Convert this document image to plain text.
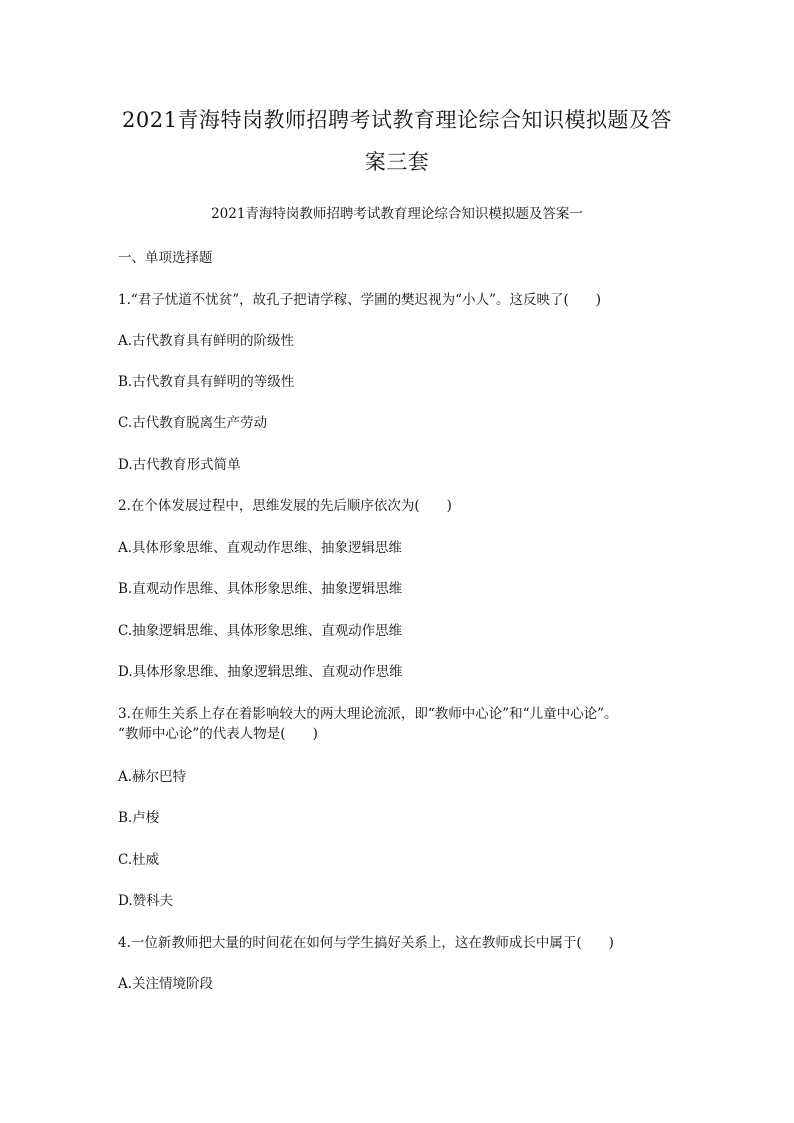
2021青海特岗教师招聘考试教育理论综合知识模拟题及答
案三套
2021青海特岗教师招聘考试教育理论综合知识模拟题及答案一
一、单项选择题
1.“君子忧道不忧贫”，故孔子把请学稼、学圃的樊迟视为“小人”。这反映了(　　)
A.古代教育具有鲜明的阶级性
B.古代教育具有鲜明的等级性
C.古代教育脱离生产劳动
D.古代教育形式简单
2.在个体发展过程中，思维发展的先后顺序依次为(　　)
A.具体形象思维、直观动作思维、抽象逻辑思维
B.直观动作思维、具体形象思维、抽象逻辑思维
C.抽象逻辑思维、具体形象思维、直观动作思维
D.具体形象思维、抽象逻辑思维、直观动作思维
3.在师生关系上存在着影响较大的两大理论流派，即“教师中心论”和“儿童中心论”。
“教师中心论”的代表人物是(　　)
A.赫尔巴特
B.卢梭
C.杜威
D.赞科夫
4.一位新教师把大量的时间花在如何与学生搞好关系上，这在教师成长中属于(　　)
A.关注情境阶段
